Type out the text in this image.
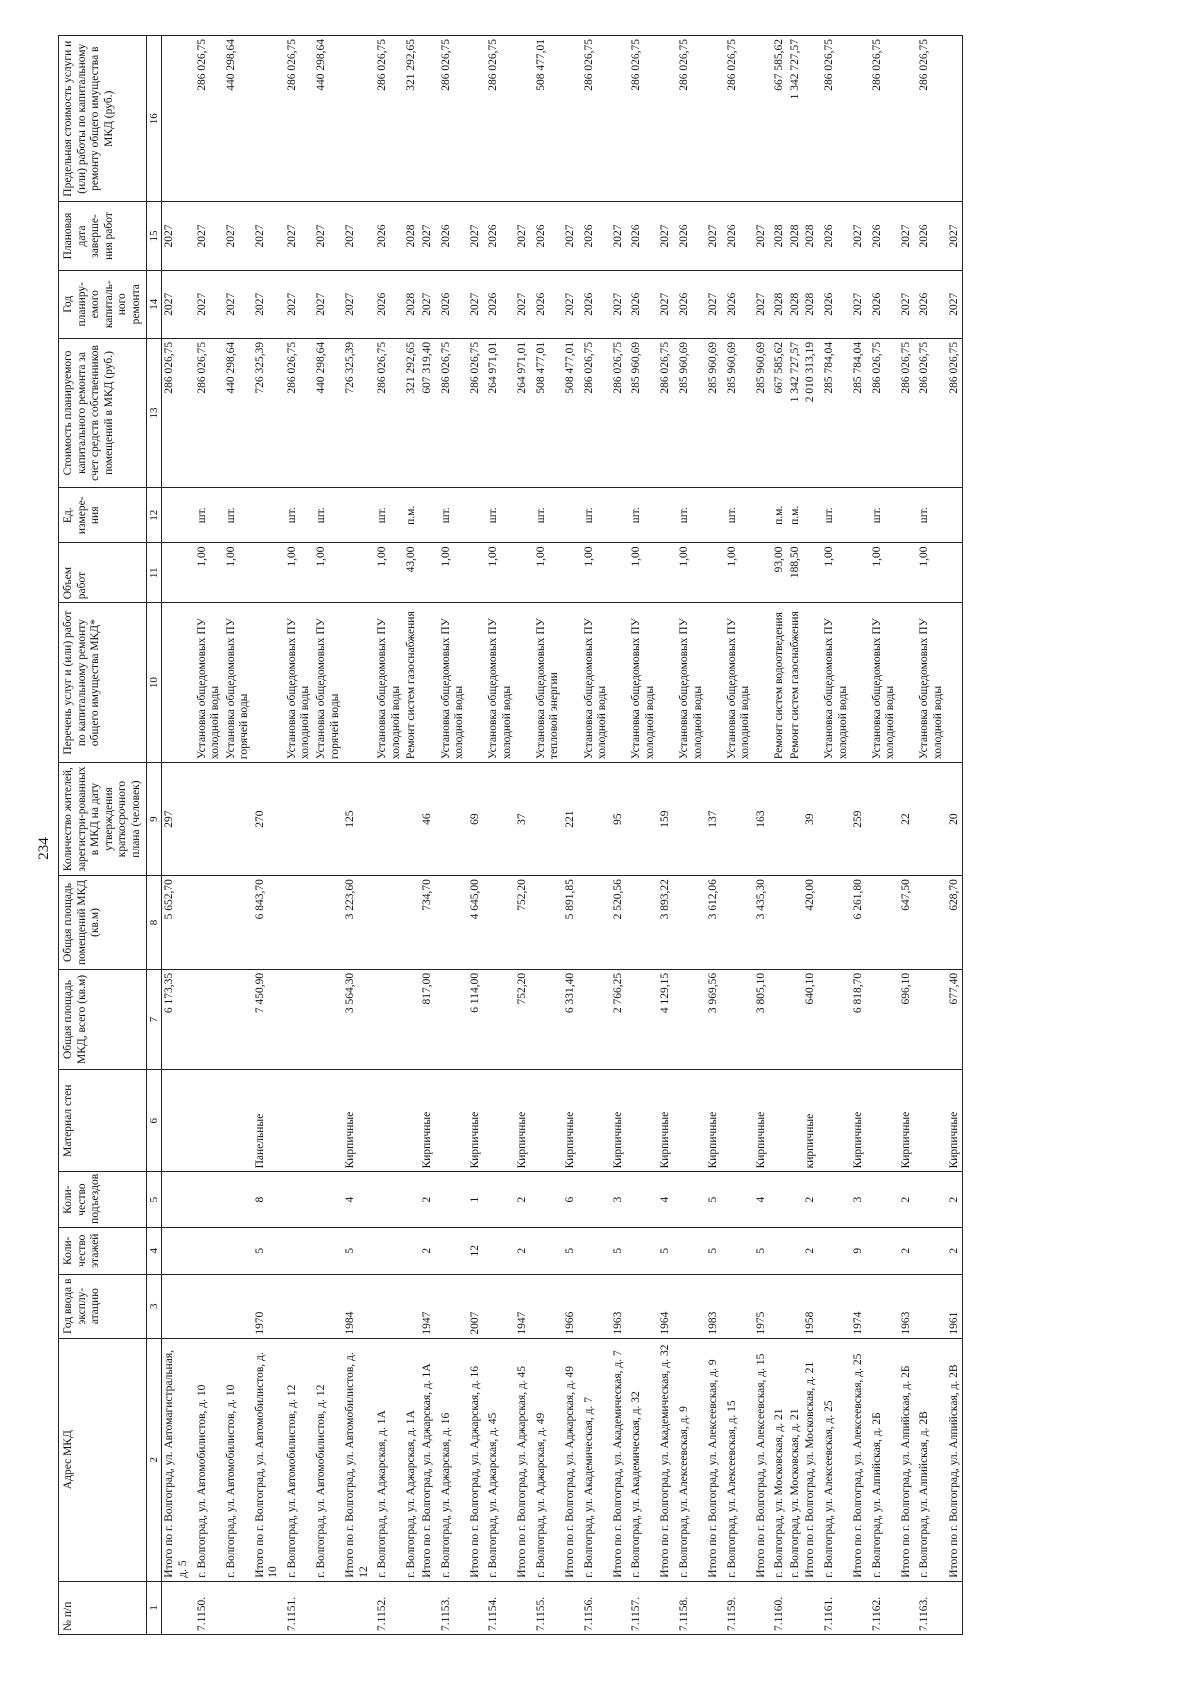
234
№ п/п	Адрес МКД	Год ввода в эксплу-атацию	Коли-чество этажей	Коли-чество подъездов	Материал стен	Общая площадь МКД, всего (кв.м)	Общая площадь помещений МКД (кв.м)	Количество жителей, зарегистри-рованных в МКД на дату утверждения краткосрочного плана (человек)	Перечень услуг и (или) работ по капитальному ремонту общего имущества МКД*	Объем работ	Ед. измере-ния	Стоимость планируемого капитального ремонта за счет средств собственников помещений в МКД (руб.)	Год планиру-емого капиталь-ного ремонта	Плановая дата заверше-ния работ	Предельная стоимость услуги и (или) работы по капитальному ремонту общего имущества в МКД (руб.)
1	2	3	4	5	6	7	8	9	10	11	12	13	14	15	16
	Итого по г. Волгоград, ул. Автомагистральная, д. 5					6 173,35	5 652,70	297				286 026,75	2027	2027	
7.1150.	г. Волгоград, ул. Автомобилистов, д. 10								Установка общедомовых ПУ холодной воды	1,00	шт.	286 026,75	2027	2027	286 026,75
	г. Волгоград, ул. Автомобилистов, д. 10								Установка общедомовых ПУ горячей воды	1,00	шт.	440 298,64	2027	2027	440 298,64
	Итого по г. Волгоград, ул. Автомобилистов, д. 10	1970	5	8	Панельные	7 450,90	6 843,70	270				726 325,39	2027	2027	
7.1151.	г. Волгоград, ул. Автомобилистов, д. 12								Установка общедомовых ПУ холодной воды	1,00	шт.	286 026,75	2027	2027	286 026,75
	г. Волгоград, ул. Автомобилистов, д. 12								Установка общедомовых ПУ горячей воды	1,00	шт.	440 298,64	2027	2027	440 298,64
	Итого по г. Волгоград, ул. Автомобилистов, д. 12	1984	5	4	Кирпичные	3 564,30	3 223,60	125				726 325,39	2027	2027	
7.1152.	г. Волгоград, ул. Аджарская, д. 1А								Установка общедомовых ПУ холодной воды	1,00	шт.	286 026,75	2026	2026	286 026,75
	г. Волгоград, ул. Аджарская, д. 1А								Ремонт систем газоснабжения	43,00	п.м.	321 292,65	2028	2028	321 292,65
	Итого по г. Волгоград, ул. Аджарская, д. 1А	1947	2	2	Кирпичные	817,00	734,70	46				607 319,40	2027	2027	
7.1153.	г. Волгоград, ул. Аджарская, д. 16								Установка общедомовых ПУ холодной воды	1,00	шт.	286 026,75	2026	2026	286 026,75
	Итого по г. Волгоград, ул. Аджарская, д. 16	2007	12	1	Кирпичные	6 114,00	4 645,00	69				286 026,75	2027	2027	
7.1154.	г. Волгоград, ул. Аджарская, д. 45								Установка общедомовых ПУ холодной воды	1,00	шт.	264 971,01	2026	2026	286 026,75
	Итого по г. Волгоград, ул. Аджарская, д. 45	1947	2	2	Кирпичные	752,20	752,20	37				264 971,01	2027	2027	
7.1155.	г. Волгоград, ул. Аджарская, д. 49								Установка общедомовых ПУ тепловой энергии	1,00	шт.	508 477,01	2026	2026	508 477,01
	Итого по г. Волгоград, ул. Аджарская, д. 49	1966	5	6	Кирпичные	6 331,40	5 891,85	221				508 477,01	2027	2027	
7.1156.	г. Волгоград, ул. Академическая, д. 7								Установка общедомовых ПУ холодной воды	1,00	шт.	286 026,75	2026	2026	286 026,75
	Итого по г. Волгоград, ул. Академическая, д. 7	1963	5	3	Кирпичные	2 766,25	2 520,56	95				286 026,75	2027	2027	
7.1157.	г. Волгоград, ул. Академическая, д. 32								Установка общедомовых ПУ холодной воды	1,00	шт.	285 960,69	2026	2026	286 026,75
	Итого по г. Волгоград, ул. Академическая, д. 32	1964	5	4	Кирпичные	4 129,15	3 893,22	159				286 026,75	2027	2027	
7.1158.	г. Волгоград, ул. Алексеевская, д. 9								Установка общедомовых ПУ холодной воды	1,00	шт.	285 960,69	2026	2026	286 026,75
	Итого по г. Волгоград, ул. Алексеевская, д. 9	1983	5	5	Кирпичные	3 969,56	3 612,06	137				285 960,69	2027	2027	
7.1159.	г. Волгоград, ул. Алексеевская, д. 15								Установка общедомовых ПУ холодной воды	1,00	шт.	285 960,69	2026	2026	286 026,75
	Итого по г. Волгоград, ул. Алексеевская, д. 15	1975	5	4	Кирпичные	3 805,10	3 435,30	163				285 960,69	2027	2027	
7.1160.	г. Волгоград, ул. Московская, д. 21								Ремонт систем водоотведения	93,00	п.м.	667 585,62	2028	2028	667 585,62
	г. Волгоград, ул. Московская, д. 21								Ремонт систем газоснабжения	188,50	п.м.	1 342 727,57	2028	2028	1 342 727,57
	Итого по г. Волгоград, ул. Московская, д. 21	1958	2	2	кирпичные	640,10	420,00	39				2 010 313,19	2028	2028	
7.1161.	г. Волгоград, ул. Алексеевская, д. 25								Установка общедомовых ПУ холодной воды	1,00	шт.	285 784,04	2026	2026	286 026,75
	Итого по г. Волгоград, ул. Алексеевская, д. 25	1974	9	3	Кирпичные	6 818,70	6 261,80	259				285 784,04	2027	2027	
7.1162.	г. Волгоград, ул. Алпийская, д. 2Б								Установка общедомовых ПУ холодной воды	1,00	шт.	286 026,75	2026	2026	286 026,75
	Итого по г. Волгоград, ул. Алпийская, д. 2Б	1963	2	2	Кирпичные	696,10	647,50	22				286 026,75	2027	2027	
7.1163.	г. Волгоград, ул. Алпийская, д. 2В								Установка общедомовых ПУ холодной воды	1,00	шт.	286 026,75	2026	2026	286 026,75
	Итого по г. Волгоград, ул. Алпийская, д. 2В	1961	2	2	Кирпичные	677,40	628,70	20				286 026,75	2027	2027	
